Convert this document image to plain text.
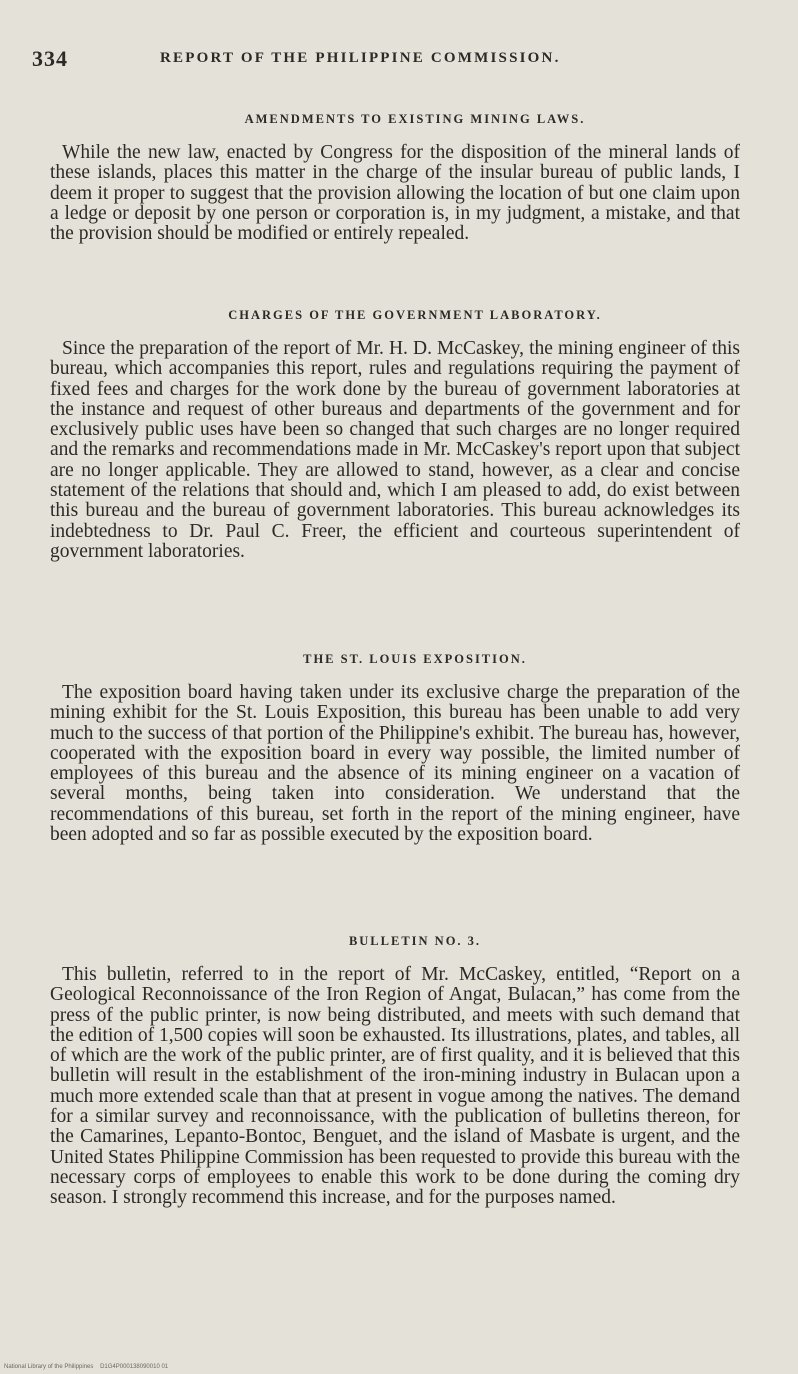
334	REPORT OF THE PHILIPPINE COMMISSION.
AMENDMENTS TO EXISTING MINING LAWS.

While the new law, enacted by Congress for the disposition of the mineral lands of these islands, places this matter in the charge of the insular bureau of public lands, I deem it proper to suggest that the provision allowing the location of but one claim upon a ledge or deposit by one person or corporation is, in my judgment, a mistake, and that the provision should be modified or entirely repealed.

CHARGES OF THE GOVERNMENT LABORATORY.

Since the preparation of the report of Mr. H. D. McCaskey, the mining engineer of this bureau, which accompanies this report, rules and regulations requiring the payment of fixed fees and charges for the work done by the bureau of government laboratories at the instance and request of other bureaus and departments of the government and for exclusively public uses have been so changed that such charges are no longer required and the remarks and recommendations made in Mr. McCaskey's report upon that subject are no longer applicable. They are allowed to stand, however, as a clear and concise statement of the relations that should and, which I am pleased to add, do exist between this bureau and the bureau of government laboratories. This bureau acknowledges its indebtedness to Dr. Paul C. Freer, the efficient and courteous superintendent of government laboratories.

THE ST. LOUIS EXPOSITION.

The exposition board having taken under its exclusive charge the preparation of the mining exhibit for the St. Louis Exposition, this bureau has been unable to add very much to the success of that portion of the Philippine's exhibit. The bureau has, however, cooperated with the exposition board in every way possible, the limited number of employees of this bureau and the absence of its mining engineer on a vacation of several months, being taken into consideration. We understand that the recommendations of this bureau, set forth in the report of the mining engineer, have been adopted and so far as possible executed by the exposition board.

BULLETIN NO. 3.

This bulletin, referred to in the report of Mr. McCaskey, entitled, “Report on a Geological Reconnoissance of the Iron Region of Angat, Bulacan,” has come from the press of the public printer, is now being distributed, and meets with such demand that the edition of 1,500 copies will soon be exhausted. Its illustrations, plates, and tables, all of which are the work of the public printer, are of first quality, and it is believed that this bulletin will result in the establishment of the iron-mining industry in Bulacan upon a much more extended scale than that at present in vogue among the natives. The demand for a similar survey and reconnoissance, with the publication of bulletins thereon, for the Camarines, Lepanto-Bontoc, Benguet, and the island of Masbate is urgent, and the United States Philippine Commission has been requested to provide this bureau with the necessary corps of employees to enable this work to be done during the coming dry season. I strongly recommend this increase, and for the purposes named.

National Library of the Philippines D1G4P000138090010 01
